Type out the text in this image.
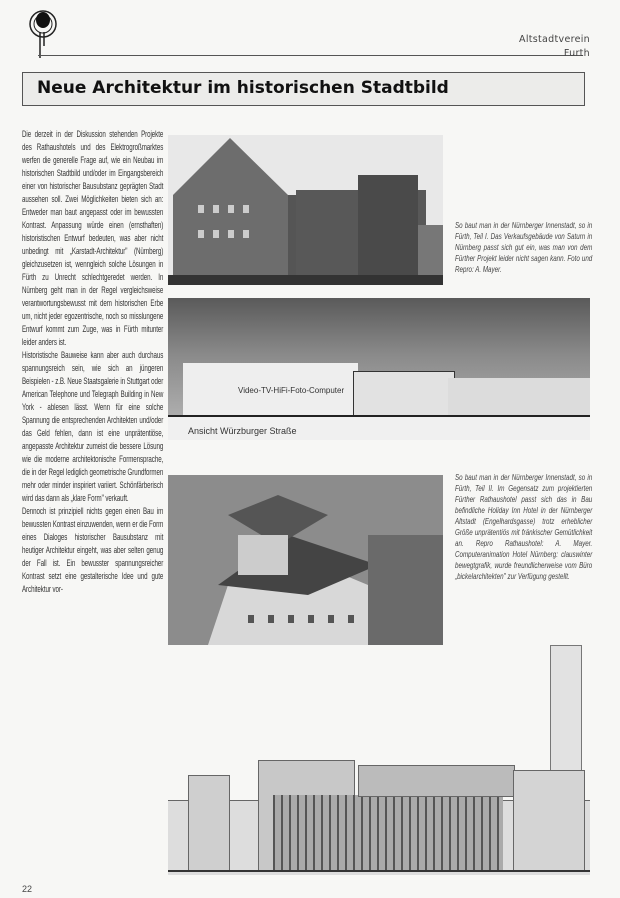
Altstadtverein
Furth
Neue Architektur im historischen Stadtbild

Die derzeit in der Diskussion stehenden Projekte des Rathaushotels und des Elektrogroßmarktes werfen die generelle Frage auf, wie ein Neubau im historischen Stadtbild und/oder im Eingangsbereich einer von historischer Bausubstanz geprägten Stadt aussehen soll. Zwei Möglichkeiten bieten sich an: Entweder man baut angepasst oder im bewussten Kontrast. Anpassung würde einen (ernsthaften) historistischen Entwurf bedeuten, was aber nicht unbedingt mit „Karstadt-Architektur" (Nürnberg) gleichzusetzen ist, wenngleich solche Lösungen in Fürth zu Unrecht schlechtgeredet werden. In Nürnberg geht man in der Regel vergleichsweise verantwortungsbewusst mit dem historischen Erbe um, nicht jeder egozentrische, noch so misslungene Entwurf kommt zum Zuge, was in Fürth mitunter leider anders ist.

Historistische Bauweise kann aber auch durchaus spannungsreich sein, wie sich an jüngeren Beispielen - z.B. Neue Staatsgalerie in Stuttgart oder American Telephone und Telegraph Building in New York - ablesen lässt. Wenn für eine solche Spannung die entsprechenden Architekten und/oder das Geld fehlen, dann ist eine unprätentiöse, angepasste Architektur zumeist die bessere Lösung wie die moderne architektonische Formensprache, die in der Regel lediglich geometrische Grundformen mehr oder minder inspiriert variiert. Schönfärberisch wird das dann als „klare Form" verkauft.

Dennoch ist prinzipiell nichts gegen einen Bau im bewussten Kontrast einzuwenden, wenn er die Form eines Dialoges historischer Bausubstanz mit heutiger Architektur eingeht, was aber selten genug der Fall ist. Ein bewusster spannungsreicher Kontrast setzt eine gestalterische Idee und gute Architektur vor-

22
So baut man in der Nürnberger Innenstadt, so in Fürth, Teil I. Das Verkaufsgebäude von Saturn in Nürnberg passt sich gut ein, was man von dem Fürther Projekt leider nicht sagen kann. Foto und Repro: A. Mayer.
Video-TV-HiFi-Foto-Computer
Ansicht Würzburger Straße
So baut man in der Nürnberger Innenstadt, so in Fürth, Teil II. Im Gegensatz zum projektierten Fürther Rathaushotel passt sich das in Bau befindliche Holiday Inn Hotel in der Nürnberger Altstadt (Engelhardsgasse) trotz erheblicher Größe unprätentiös mit fränkischer Gemütlichkeit an. Repro Rathaushotel: A. Mayer. Computeranimation Hotel Nürnberg: clauswinter bewegtgrafik, wurde freundlicherweise vom Büro „bickelarchitekten" zur Verfügung gestellt.
